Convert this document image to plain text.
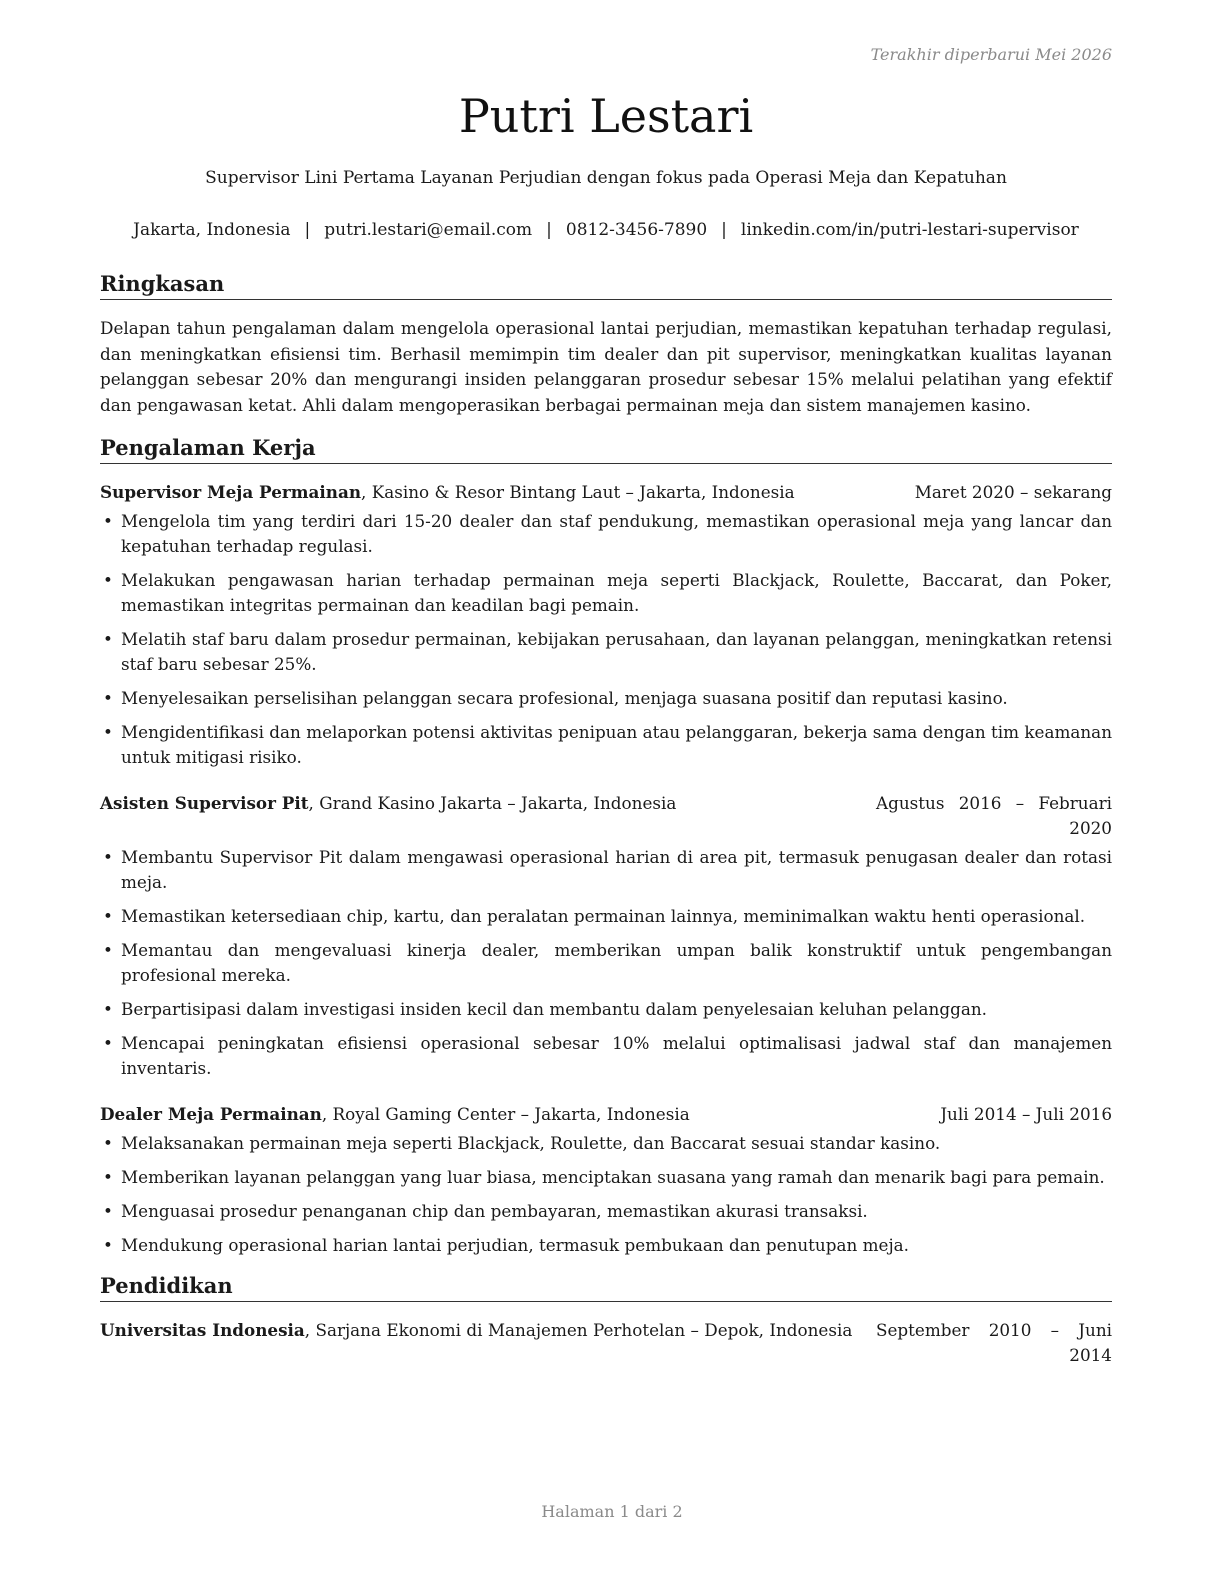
Terakhir diperbarui Mei 2026
Putri Lestari
Supervisor Lini Pertama Layanan Perjudian dengan fokus pada Operasi Meja dan Kepatuhan
Jakarta, Indonesia | putri.lestari@email.com | 0812-3456-7890 | linkedin.com/in/putri-lestari-supervisor
Ringkasan
Delapan tahun pengalaman dalam mengelola operasional lantai perjudian, memastikan kepatuhan terhadap regulasi, dan meningkatkan efisiensi tim. Berhasil memimpin tim dealer dan pit supervisor, meningkatkan kualitas layanan pelanggan sebesar 20% dan mengurangi insiden pelanggaran prosedur sebesar 15% melalui pelatihan yang efektif dan pengawasan ketat. Ahli dalam mengoperasikan berbagai permainan meja dan sistem manajemen kasino.
Pengalaman Kerja
Supervisor Meja Permainan, Kasino & Resor Bintang Laut – Jakarta, Indonesia	Maret 2020 – sekarang
• Mengelola tim yang terdiri dari 15-20 dealer dan staf pendukung, memastikan operasional meja yang lancar dan kepatuhan terhadap regulasi.
• Melakukan pengawasan harian terhadap permainan meja seperti Blackjack, Roulette, Baccarat, dan Poker, memastikan integritas permainan dan keadilan bagi pemain.
• Melatih staf baru dalam prosedur permainan, kebijakan perusahaan, dan layanan pelanggan, meningkatkan retensi staf baru sebesar 25%.
• Menyelesaikan perselisihan pelanggan secara profesional, menjaga suasana positif dan reputasi kasino.
• Mengidentifikasi dan melaporkan potensi aktivitas penipuan atau pelanggaran, bekerja sama dengan tim keamanan untuk mitigasi risiko.
Asisten Supervisor Pit, Grand Kasino Jakarta – Jakarta, Indonesia	Agustus 2016 – Februari 2020
• Membantu Supervisor Pit dalam mengawasi operasional harian di area pit, termasuk penugasan dealer dan rotasi meja.
• Memastikan ketersediaan chip, kartu, dan peralatan permainan lainnya, meminimalkan waktu henti operasional.
• Memantau dan mengevaluasi kinerja dealer, memberikan umpan balik konstruktif untuk pengembangan profesional mereka.
• Berpartisipasi dalam investigasi insiden kecil dan membantu dalam penyelesaian keluhan pelanggan.
• Mencapai peningkatan efisiensi operasional sebesar 10% melalui optimalisasi jadwal staf dan manajemen inventaris.
Dealer Meja Permainan, Royal Gaming Center – Jakarta, Indonesia	Juli 2014 – Juli 2016
• Melaksanakan permainan meja seperti Blackjack, Roulette, dan Baccarat sesuai standar kasino.
• Memberikan layanan pelanggan yang luar biasa, menciptakan suasana yang ramah dan menarik bagi para pemain.
• Menguasai prosedur penanganan chip dan pembayaran, memastikan akurasi transaksi.
• Mendukung operasional harian lantai perjudian, termasuk pembukaan dan penutupan meja.
Pendidikan
Universitas Indonesia, Sarjana Ekonomi di Manajemen Perhotelan – Depok, Indonesia September 2010 – Juni 2014
Halaman 1 dari 2
